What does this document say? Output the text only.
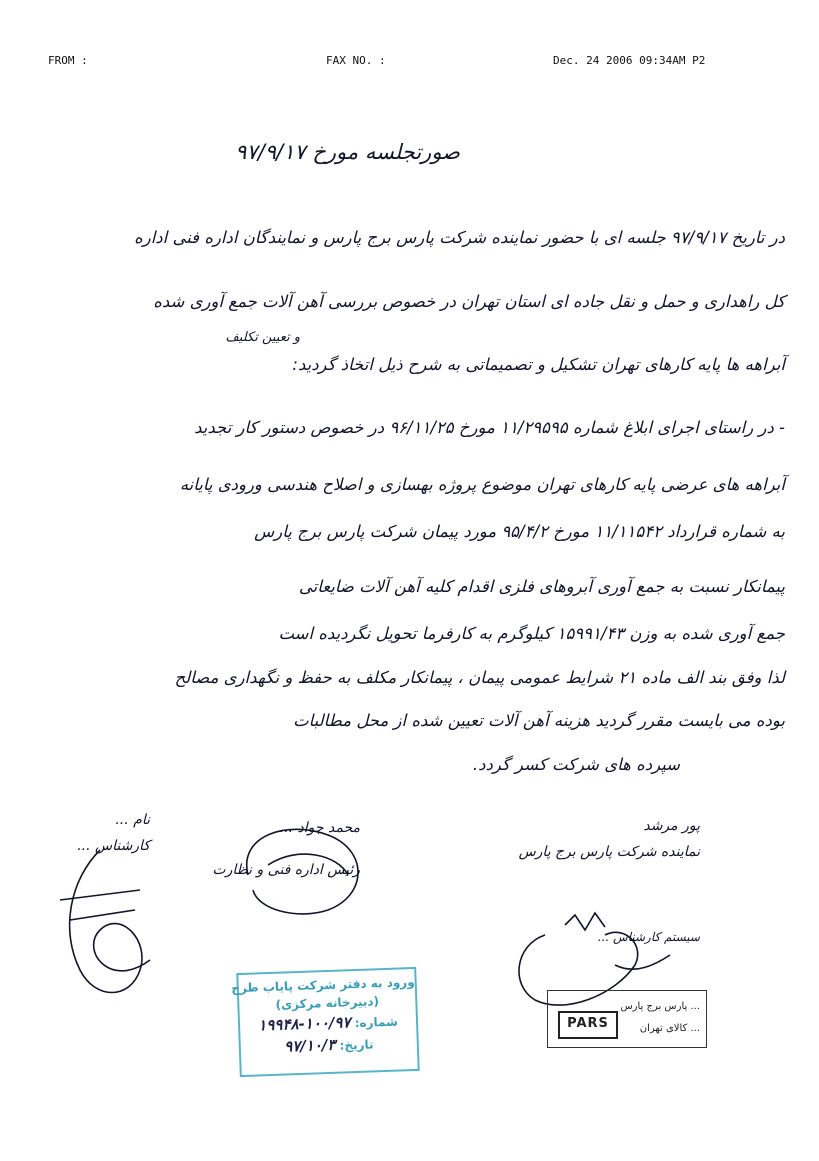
FROM :	FAX NO. :	Dec. 24 2006 09:34AM P2
صورتجلسه مورخ ۹۷/۹/۱۷
در تاریخ ۹۷/۹/۱۷ جلسه ای با حضور نماینده شرکت پارس برج پارس و نمایندگان اداره فنی اداره
کل راهداری و حمل و نقل جاده ای استان تهران در خصوص بررسی آهن آلات جمع آوری شده
و تعیین تکلیف
آبراهه ها پایه کارهای تهران تشکیل و تصمیماتی به شرح ذیل اتخاذ گردید:
- در راستای اجرای ابلاغ شماره ۱۱/۲۹۵۹۵ مورخ ۹۶/۱۱/۲۵ در خصوص دستور کار تجدید
آبراهه های عرضی پایه کارهای تهران موضوع پروژه بهسازی و اصلاح هندسی ورودی پایانه
به شماره قرارداد ۱۱/۱۱۵۴۲ مورخ ۹۵/۴/۲ مورد پیمان شرکت پارس برج پارس
پیمانکار نسبت به جمع آوری آبروهای فلزی اقدام کلیه آهن آلات ضایعاتی
جمع آوری شده به وزن ۱۵۹۹۱/۴۳ کیلوگرم به کارفرما تحویل نگردیده است
لذا وفق بند الف ماده ۲۱ شرایط عمومی پیمان ، پیمانکار مکلف به حفظ و نگهداری مصالح
بوده می بایست مقرر گردید هزینه آهن آلات تعیین شده از محل مطالبات
سپرده های شرکت کسر گردد.
نام ...
کارشناس ...
محمد جواد ...
رئیس اداره فنی و نظارت
پور مرشد
نماینده شرکت پارس برج پارس
سیستم کارشناس ...
ورود به دفتر شرکت پایاب طرح
(دبیرخانه مرکزی)
شماره: ۱۰۰/۹۷-۱۹۹۴۸
تاریخ: ۹۷/۱۰/۳
... پارس برج پارس
PARS	... کالای تهران
